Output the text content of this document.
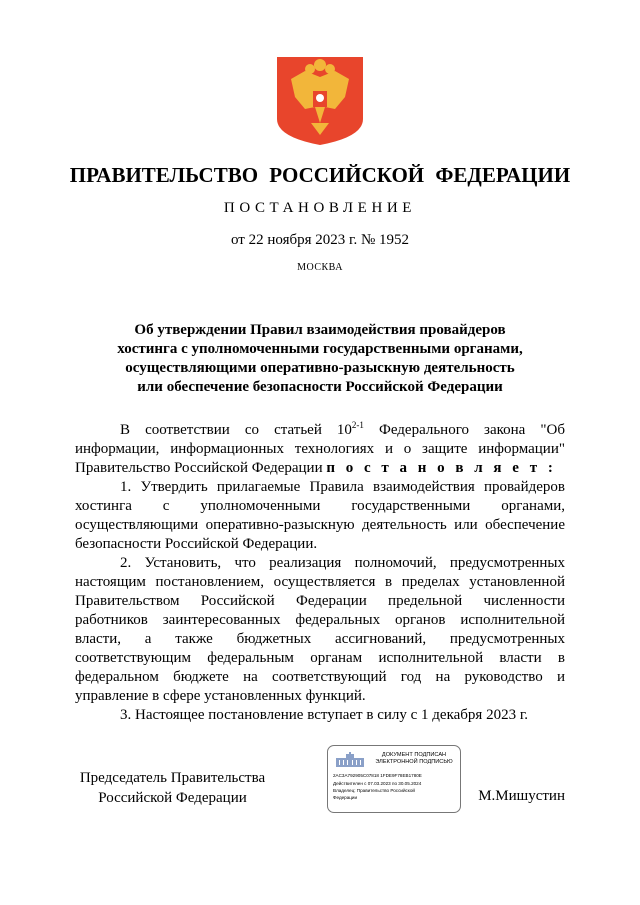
ПРАВИТЕЛЬСТВО РОССИЙСКОЙ ФЕДЕРАЦИИ
ПОСТАНОВЛЕНИЕ
от 22 ноября 2023 г. № 1952
МОСКВА
Об утверждении Правил взаимодействия провайдеров
хостинга с уполномоченными государственными органами,
осуществляющими оперативно-разыскную деятельность
или обеспечение безопасности Российской Федерации

В соответствии со статьей 10$^{2-1}$ Федерального закона "Об информации, информационных технологиях и о защите информации" Правительство Российской Федерации п о с т а н о в л я е т :

1. Утвердить прилагаемые Правила взаимодействия провайдеров хостинга с уполномоченными государственными органами, осуществляющими оперативно-разыскную деятельность или обеспечение безопасности Российской Федерации.

2. Установить, что реализация полномочий, предусмотренных настоящим постановлением, осуществляется в пределах установленной Правительством Российской Федерации предельной численности работников заинтересованных федеральных органов исполнительной власти, а также бюджетных ассигнований, предусмотренных соответствующим федеральным органам исполнительной власти в федеральном бюджете на соответствующий год на руководство и управление в сфере установленных функций.

3. Настоящее постановление вступает в силу с 1 декабря 2023 г.

Председатель Правительства
Российской Федерации
ДОКУМЕНТ ПОДПИСАН
ЭЛЕКТРОННОЙ ПОДПИСЬЮ
2AC3A792905C07818 1FDE9F78EB1780E
Действителен с 07.03.2023 по 30.05.2024
Владелец: Правительство Российской
Федерации	М.Мишустин
